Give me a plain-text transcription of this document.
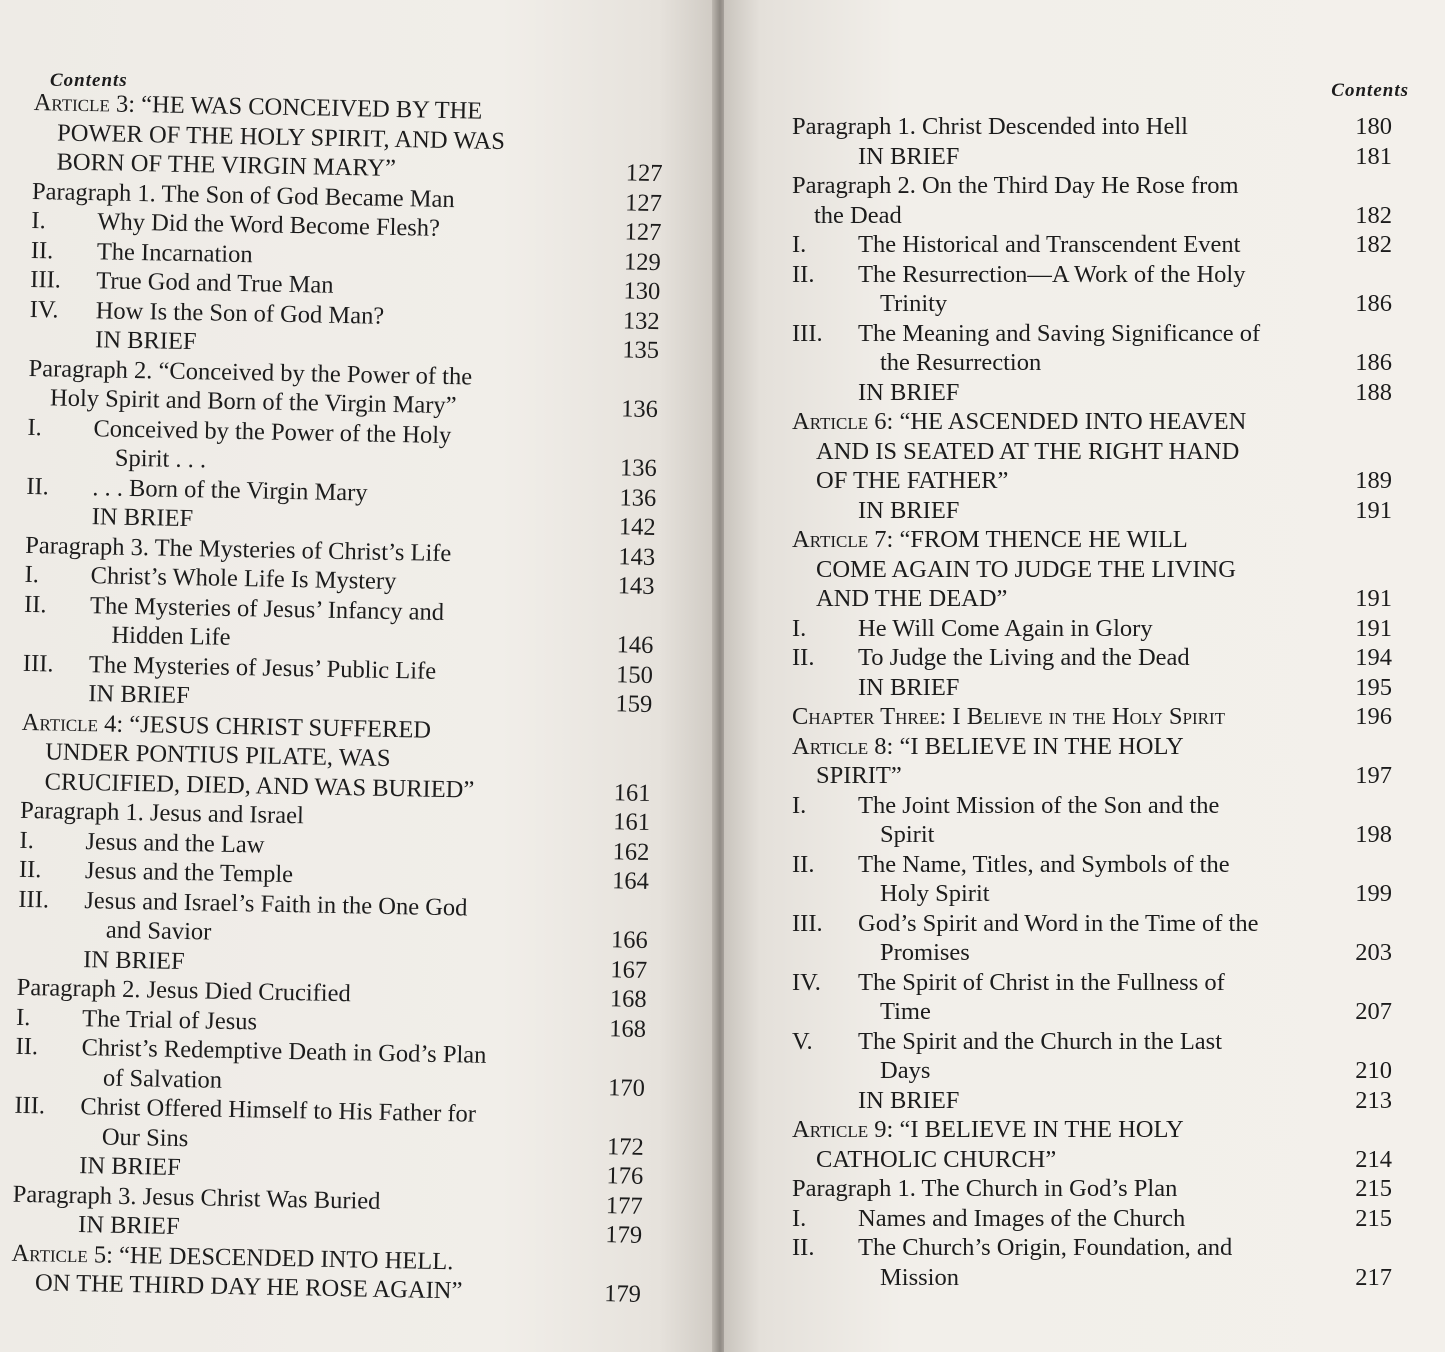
Contents
Article 3: “HE WAS CONCEIVED BY THE
POWER OF THE HOLY SPIRIT, AND WAS
BORN OF THE VIRGIN MARY”	127
Paragraph 1. The Son of God Became Man	127
I. Why Did the Word Become Flesh?	127
II. The Incarnation	129
III. True God and True Man	130
IV. How Is the Son of God Man?	132
IN BRIEF	135
Paragraph 2. “Conceived by the Power of the
Holy Spirit and Born of the Virgin Mary”	136
I. Conceived by the Power of the Holy
Spirit . . .	136
II. . . . Born of the Virgin Mary	136
IN BRIEF	142
Paragraph 3. The Mysteries of Christ’s Life	143
I. Christ’s Whole Life Is Mystery	143
II. The Mysteries of Jesus’ Infancy and
Hidden Life	146
III. The Mysteries of Jesus’ Public Life	150
IN BRIEF	159
Article 4: “JESUS CHRIST SUFFERED
UNDER PONTIUS PILATE, WAS
CRUCIFIED, DIED, AND WAS BURIED”	161
Paragraph 1. Jesus and Israel	161
I. Jesus and the Law	162
II. Jesus and the Temple	164
III. Jesus and Israel’s Faith in the One God
and Savior	166
IN BRIEF	167
Paragraph 2. Jesus Died Crucified	168
I. The Trial of Jesus	168
II. Christ’s Redemptive Death in God’s Plan
of Salvation	170
III. Christ Offered Himself to His Father for
Our Sins	172
IN BRIEF	176
Paragraph 3. Jesus Christ Was Buried	177
IN BRIEF	179
Article 5: “HE DESCENDED INTO HELL.
ON THE THIRD DAY HE ROSE AGAIN”	179
Contents
Paragraph 1. Christ Descended into Hell	180
IN BRIEF	181
Paragraph 2. On the Third Day He Rose from
the Dead	182
I. The Historical and Transcendent Event	182
II. The Resurrection—A Work of the Holy
Trinity	186
III. The Meaning and Saving Significance of
the Resurrection	186
IN BRIEF	188
Article 6: “HE ASCENDED INTO HEAVEN
AND IS SEATED AT THE RIGHT HAND
OF THE FATHER”	189
IN BRIEF	191
Article 7: “FROM THENCE HE WILL
COME AGAIN TO JUDGE THE LIVING
AND THE DEAD”	191
I. He Will Come Again in Glory	191
II. To Judge the Living and the Dead	194
IN BRIEF	195
Chapter Three: I Believe in the Holy Spirit	196
Article 8: “I BELIEVE IN THE HOLY
SPIRIT”	197
I. The Joint Mission of the Son and the
Spirit	198
II. The Name, Titles, and Symbols of the
Holy Spirit	199
III. God’s Spirit and Word in the Time of the
Promises	203
IV. The Spirit of Christ in the Fullness of
Time	207
V. The Spirit and the Church in the Last
Days	210
IN BRIEF	213
Article 9: “I BELIEVE IN THE HOLY
CATHOLIC CHURCH”	214
Paragraph 1. The Church in God’s Plan	215
I. Names and Images of the Church	215
II. The Church’s Origin, Foundation, and
Mission	217
